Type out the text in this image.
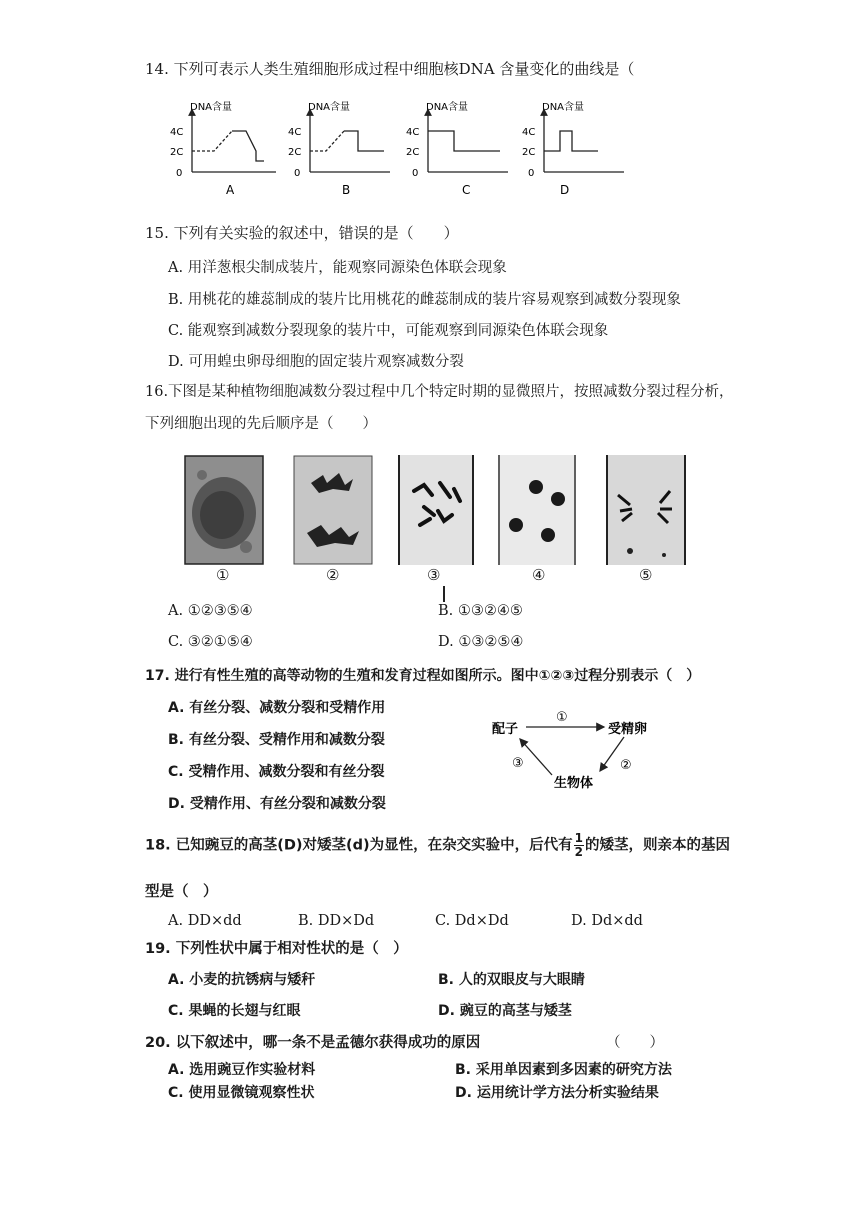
14. 下列可表示人类生殖细胞形成过程中细胞核DNA 含量变化的曲线是（
DNA含量
4C
2C
0
A
DNA含量
4C
2C
0
B
DNA含量
4C
2C
0
C
DNA含量
4C
2C
0
D
15. 下列有关实验的叙述中，错误的是（　　）
A. 用洋葱根尖制成装片，能观察同源染色体联会现象
B. 用桃花的雄蕊制成的装片比用桃花的雌蕊制成的装片容易观察到减数分裂现象
C. 能观察到减数分裂现象的装片中，可能观察到同源染色体联会现象
D. 可用蝗虫卵母细胞的固定装片观察减数分裂
16.下图是某种植物细胞减数分裂过程中几个特定时期的显微照片，按照减数分裂过程分析，
下列细胞出现的先后顺序是（　　）
①	②	③	④	⑤
A. ①②③⑤④	B. ①③②④⑤
C. ③②①⑤④	D. ①③②⑤④
17. 进行有性生殖的高等动物的生殖和发育过程如图所示。图中①②③过程分别表示（　）
A. 有丝分裂、减数分裂和受精作用
B. 有丝分裂、受精作用和减数分裂
C. 受精作用、减数分裂和有丝分裂
D. 受精作用、有丝分裂和减数分裂
配子	受精卵
生物体
①
②
③
18. 已知豌豆的高茎(D)对矮茎(d)为显性，在杂交实验中，后代有 $\frac{1}{2}$ 的矮茎，则亲本的基因
型是（　）
A. DD×dd	B. DD×Dd	C. Dd×Dd	D. Dd×dd
19. 下列性状中属于相对性状的是（　）
A. 小麦的抗锈病与矮秆	B. 人的双眼皮与大眼睛
C. 果蝇的长翅与红眼	D. 豌豆的高茎与矮茎
20. 以下叙述中，哪一条不是孟德尔获得成功的原因	（　　）
A. 选用豌豆作实验材料	B. 采用单因素到多因素的研究方法
C. 使用显微镜观察性状	D. 运用统计学方法分析实验结果
